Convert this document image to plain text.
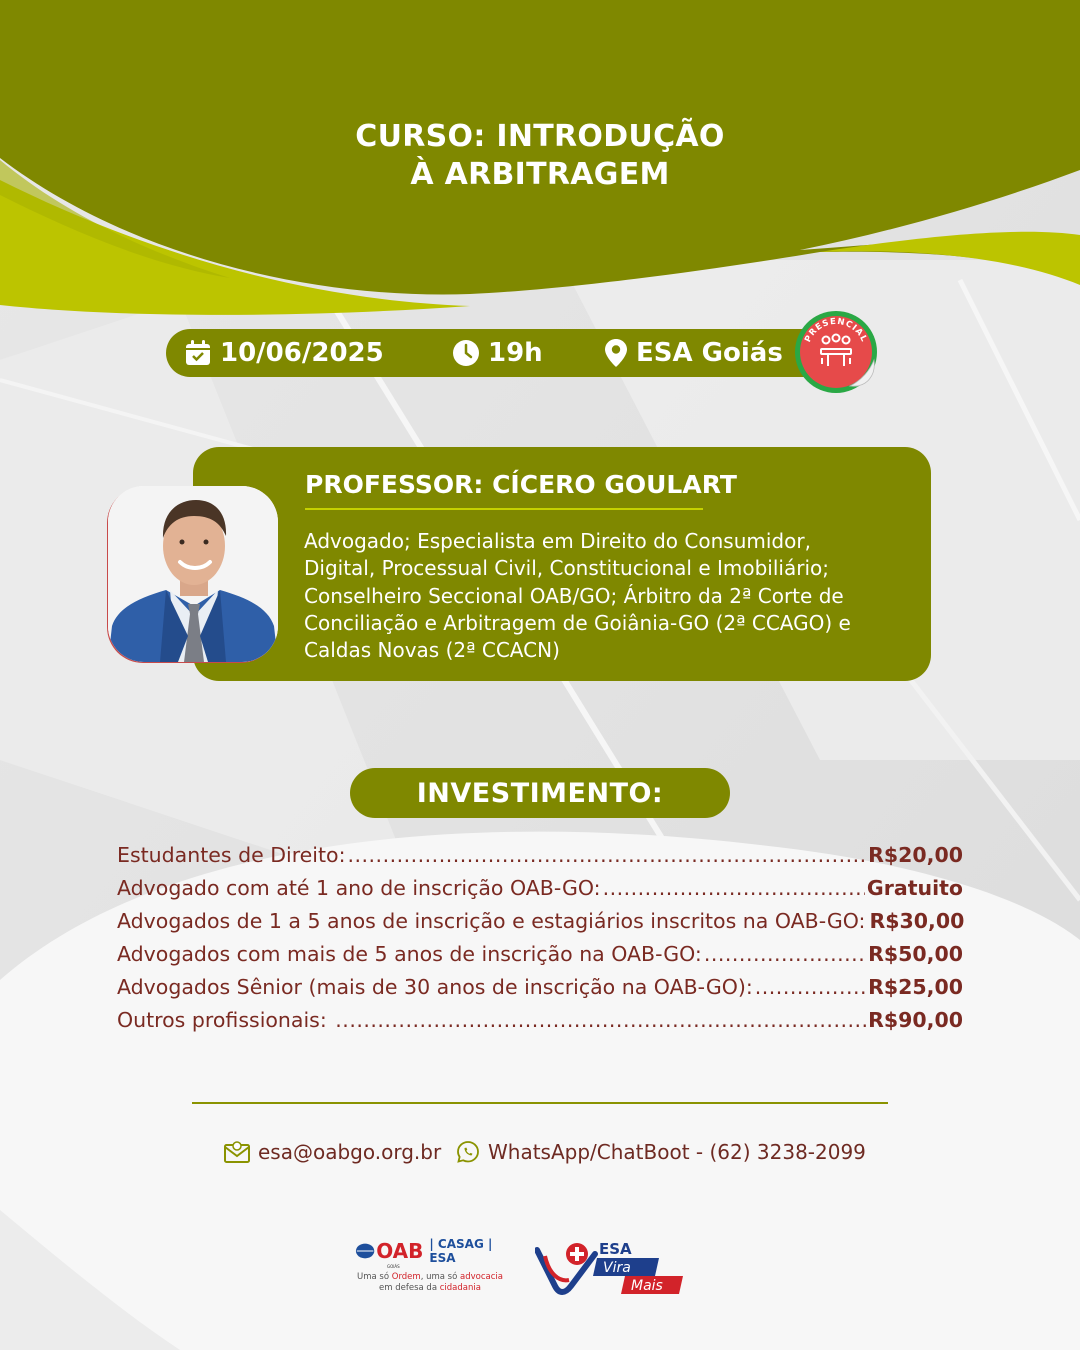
CURSO: INTRODUÇÃO
À ARBITRAGEM
10/06/2025	19h	ESA Goiás PRESENCIAL
PROFESSOR: CÍCERO GOULART
Advogado; Especialista em Direito do Consumidor,
Digital, Processual Civil, Constitucional e Imobiliário;
Conselheiro Seccional OAB/GO; Árbitro da 2ª Corte de
Conciliação e Arbitragem de Goiânia-GO (2ª CCAGO) e
Caldas Novas (2ª CCACN)
INVESTIMENTO:
Estudantes de Direito: .....	R$20,00
Advogado com até 1 ano de inscrição OAB-GO: .....	Gratuito
Advogados de 1 a 5 anos de inscrição e estagiários inscritos na OAB-GO: R$30,00
Advogados com mais de 5 anos de inscrição na OAB-GO: .....	R$50,00
Advogados Sênior (mais de 30 anos de inscrição na OAB-GO): .....	R$25,00
Outros profissionais: .....	R$90,00
esa@oabgo.org.br WhatsApp/ChatBoot - (62) 3238-2099
OAB | CASAG | ESA
GOIÁS
Uma só Ordem, uma só advocacia
em defesa da cidadania
ESA
Vira
Mais
